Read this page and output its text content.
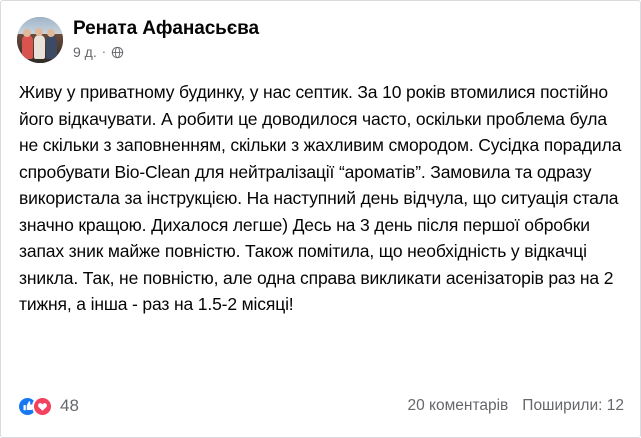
Рената Афанасьєва
9 д. ·
Живу у приватному будинку, у нас септик. За 10 років втомилися постійно його відкачувати. А робити це доводилося часто, оскільки проблема була не скільки з заповненням, скільки з жахливим смородом. Сусідка порадила спробувати Bio-Clean для нейтралізації “ароматів”. Замовила та одразу використала за інструкцією. На наступний день відчула, що ситуація стала значно кращою. Дихалося легше) Десь на 3 день після першої обробки запах зник майже повністю. Також помітила, що необхідність у відкачці зникла. Так, не повністю, але одна справа викликати асенізаторів раз на 2 тижня, а інша - раз на 1.5-2 місяці!
48	20 коментарів Поширили: 12
